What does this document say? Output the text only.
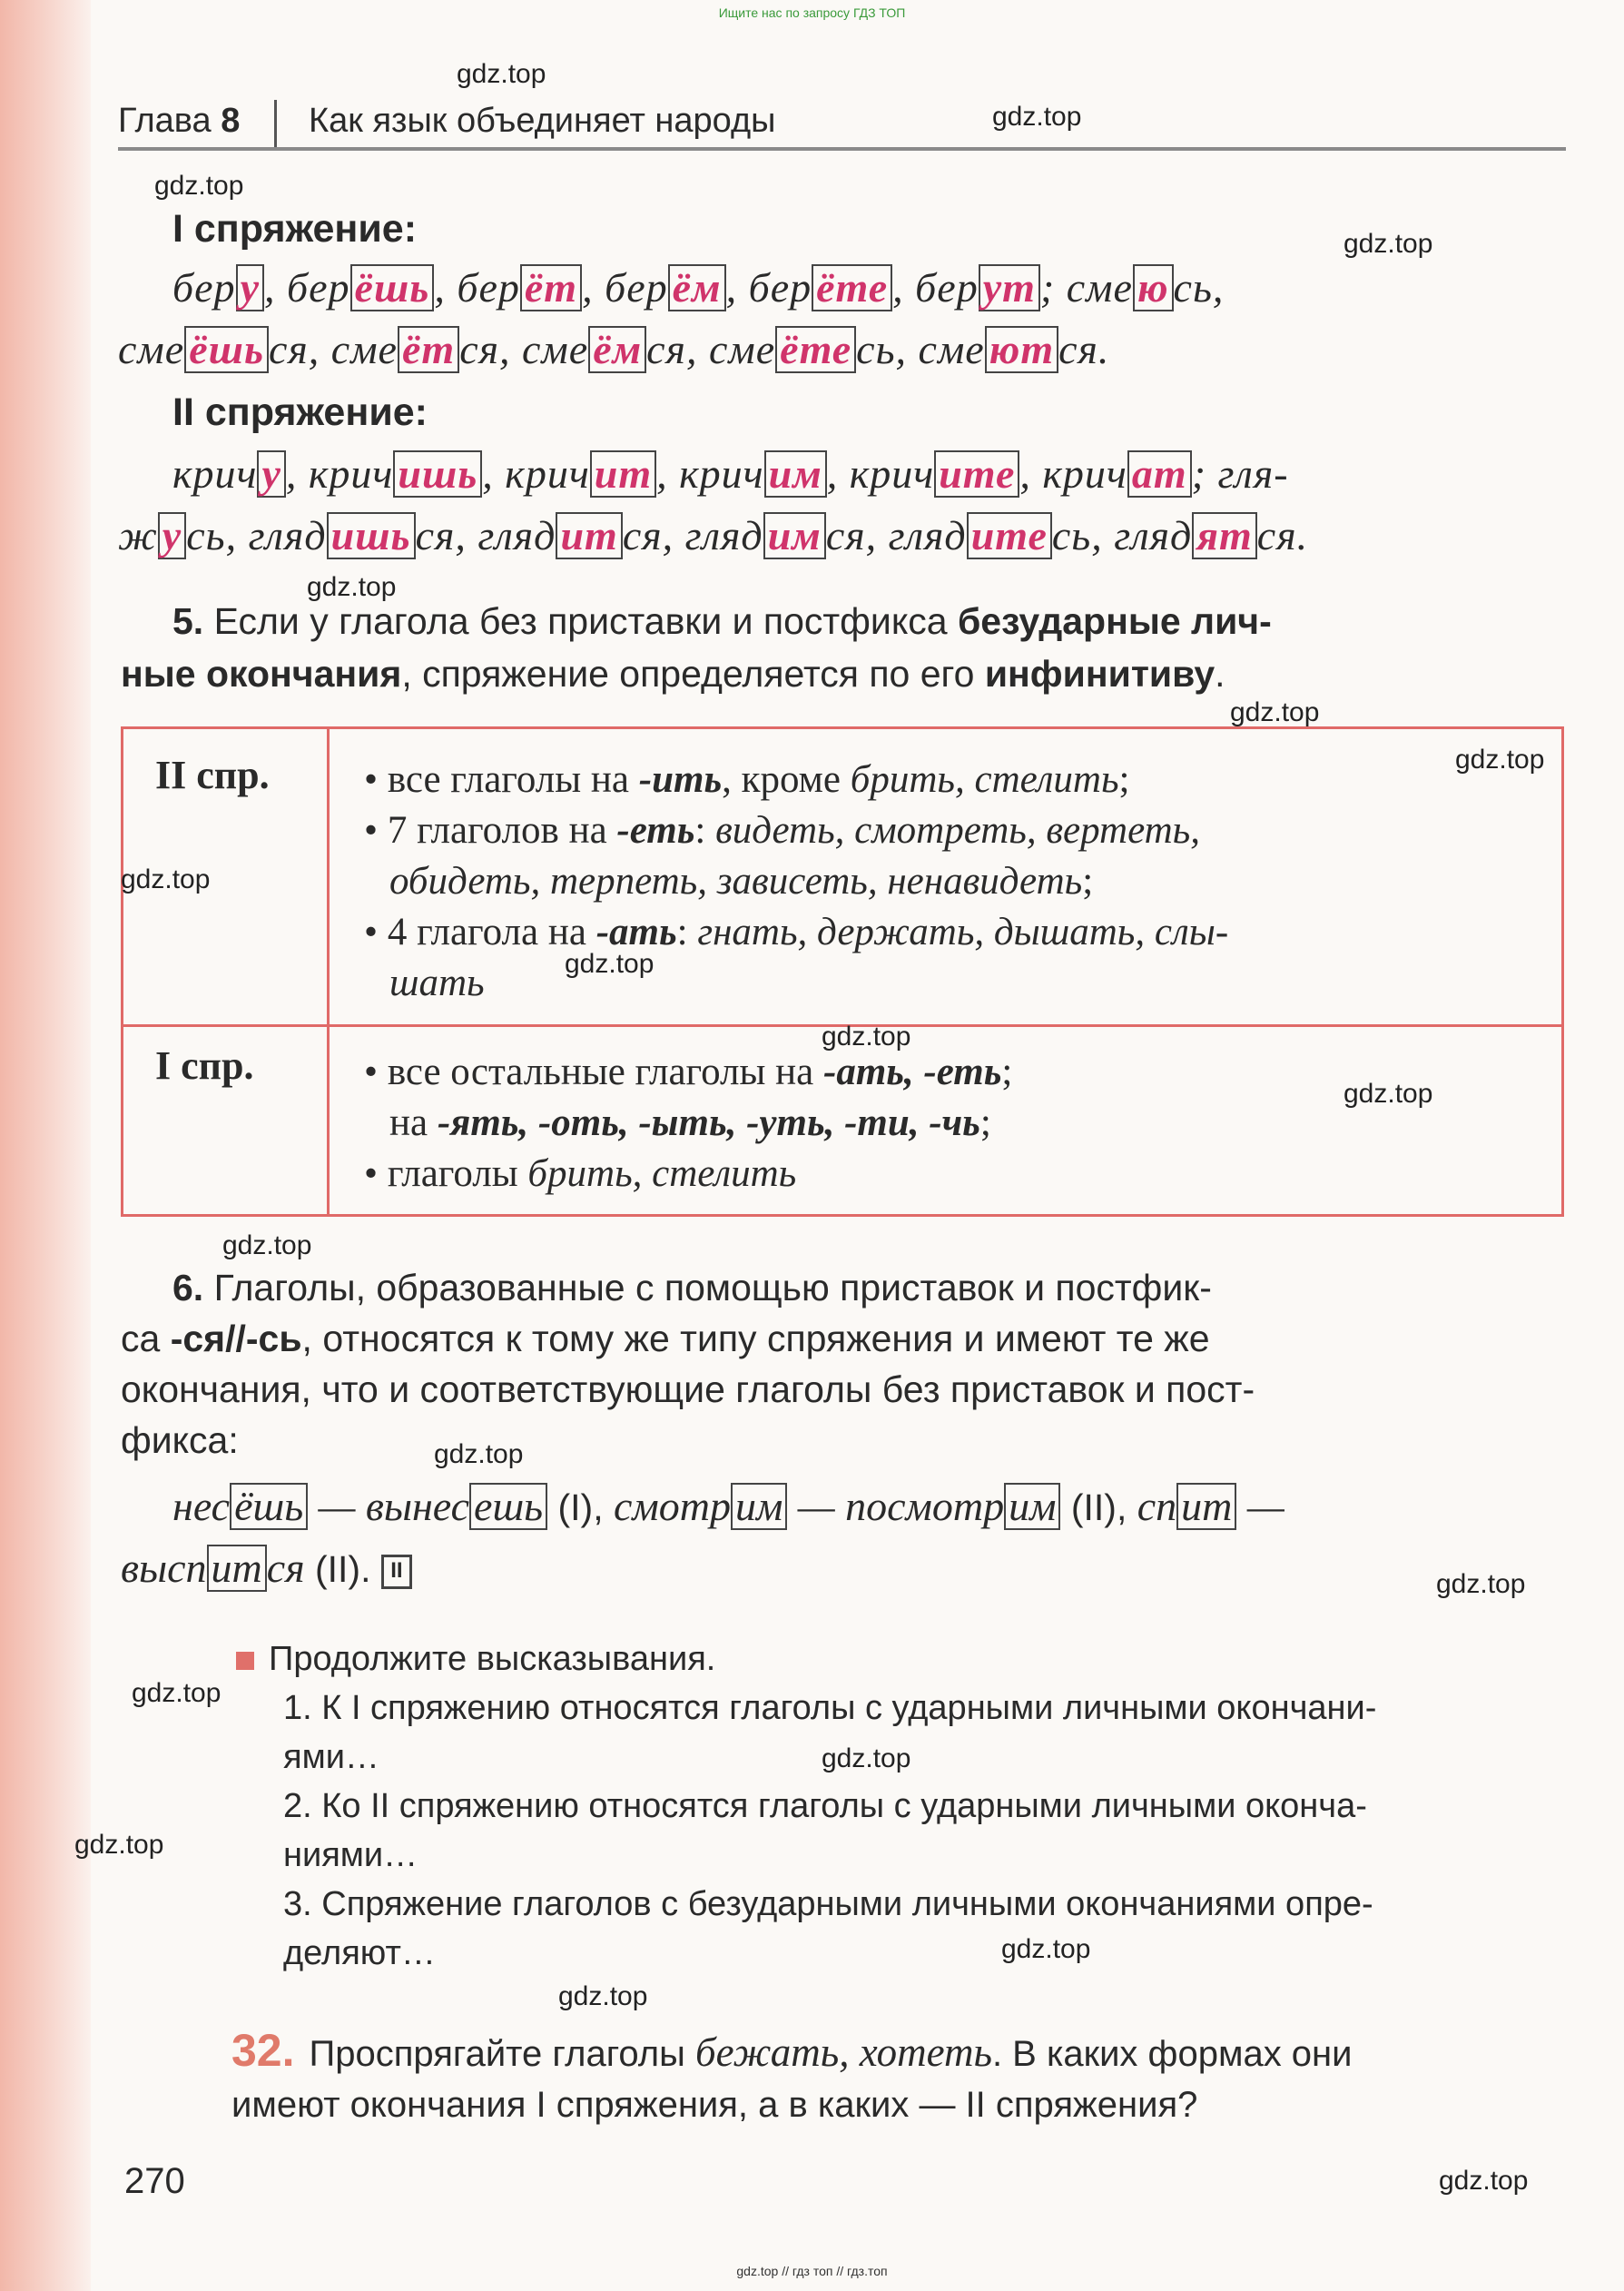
Ищите нас по запросу ГДЗ ТОП
Глава 8 Как язык объединяет народы
I спряжение:
бер у , бер ёшь , бер ёт , бер ём , бер ёте , бер ут ; сме ю сь,
сме ёшь ся, сме ёт ся, сме ём ся, сме ёте сь, сме ют ся.
II спряжение:
крич у , крич ишь , крич ит , крич им , крич ите , крич ат ; гля-
ж у сь, гляд ишь ся, гляд ит ся, гляд им ся, гляд ите сь, гляд ят ся.
5. Если у глагола без приставки и постфикса безударные лич-
ные окончания, спряжение определяется по его инфинитиву.
II спр. • все глаголы на -ить, кроме брить, стелить;
• 7 глаголов на -еть: видеть, смотреть, вертеть,
обидеть, терпеть, зависеть, ненавидеть;
• 4 глагола на -ать: гнать, держать, дышать, слы-
шать
I спр.	• все остальные глаголы на -ать, -еть;
на -ять, -оть, -ыть, -уть, -ти, -чь;
• глаголы брить, стелить
6. Глаголы, образованные с помощью приставок и постфик-
са -ся//-сь, относятся к тому же типу спряжения и имеют те же
окончания, что и соответствующие глаголы без приставок и пост-
фикса:
нес ёшь — вынес ешь (I), смотр им — посмотр им (II), сп ит —
высп ит ся (II). II
Продолжите высказывания.
1. К I спряжению относятся глаголы с ударными личными окончани-
ями…
2. Ко II спряжению относятся глаголы с ударными личными оконча-
ниями…
3. Спряжение глаголов с безударными личными окончаниями опре-
деляют…
32. Проспрягайте глаголы бежать, хотеть. В каких формах они
имеют окончания I спряжения, а в каких — II спряжения?
270
gdz.top
gdz.top
gdz.top
gdz.top
gdz.top
gdz.top
gdz.top
gdz.top
gdz.top
gdz.top
gdz.top
gdz.top
gdz.top
gdz.top
gdz.top
gdz.top
gdz.top
gdz.top
gdz.top
gdz.top
gdz.top // гдз топ // гдз.топ
